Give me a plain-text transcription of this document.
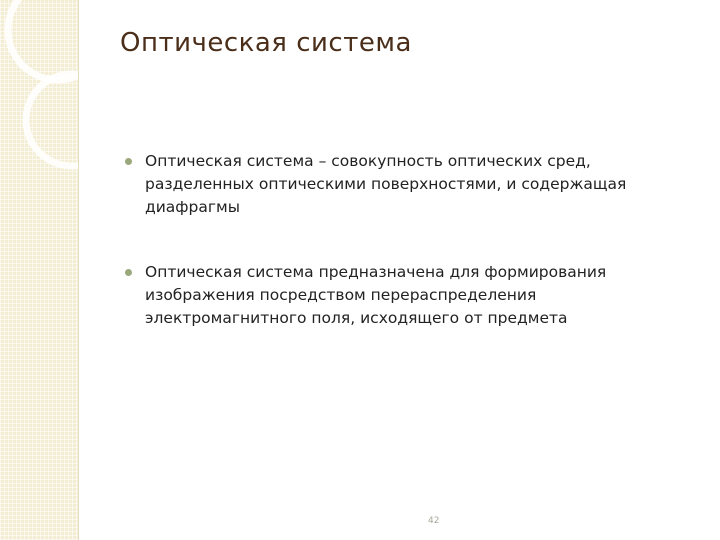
Оптическая система
Оптическая система – совокупность оптических сред, разделенных оптическими поверхностями, и содержащая диафрагмы
Оптическая система предназначена для формирования изображения посредством перераспределения электромагнитного поля, исходящего от предмета
42
